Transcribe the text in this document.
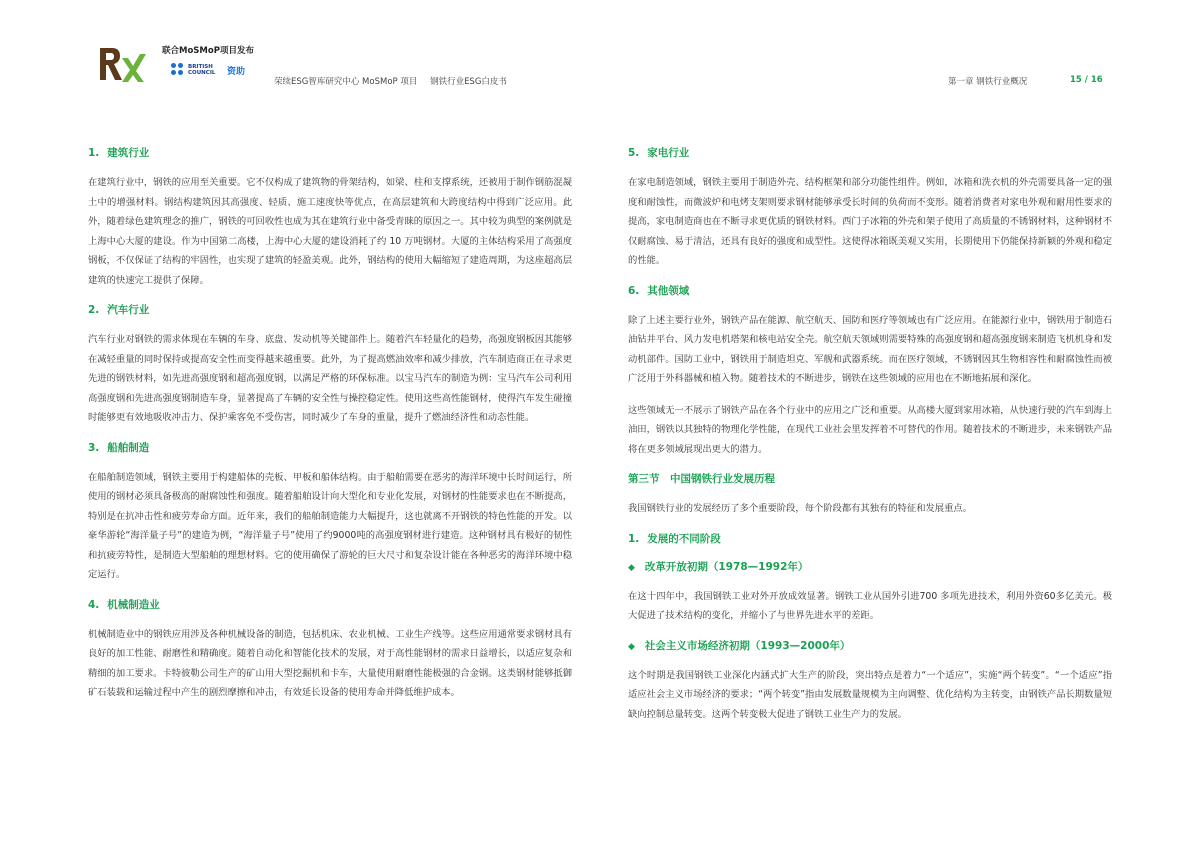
联合MoSMoP项目发布
BRITISH COUNCIL	资助
荣续ESG智库研究中心 MoSMoP 项目 钢铁行业ESG白皮书	第一章 钢铁行业概况	15 / 16
1. 建筑行业

在建筑行业中，钢铁的应用至关重要。它不仅构成了建筑物的骨架结构，如梁、柱和支撑系统，还被用于制作钢筋混凝土中的增强材料。钢结构建筑因其高强度、轻质、施工速度快等优点，在高层建筑和大跨度结构中得到广泛应用。此外，随着绿色建筑理念的推广，钢铁的可回收性也成为其在建筑行业中备受青睐的原因之一。其中较为典型的案例就是上海中心大厦的建设。作为中国第二高楼，上海中心大厦的建设消耗了约 10 万吨钢材。大厦的主体结构采用了高强度钢板，不仅保证了结构的牢固性，也实现了建筑的轻盈美观。此外，钢结构的使用大幅缩短了建造周期，为这座超高层建筑的快速完工提供了保障。

2. 汽车行业

汽车行业对钢铁的需求体现在车辆的车身、底盘、发动机等关键部件上。随着汽车轻量化的趋势，高强度钢板因其能够在减轻重量的同时保持或提高安全性而变得越来越重要。此外，为了提高燃油效率和减少排放，汽车制造商正在寻求更先进的钢铁材料，如先进高强度钢和超高强度钢，以满足严格的环保标准。以宝马汽车的制造为例：宝马汽车公司利用高强度钢和先进高强度钢制造车身，显著提高了车辆的安全性与操控稳定性。使用这些高性能钢材，使得汽车发生碰撞时能够更有效地吸收冲击力、保护乘客免不受伤害，同时减少了车身的重量，提升了燃油经济性和动态性能。

3. 船舶制造

在船舶制造领域，钢铁主要用于构建船体的壳板、甲板和船体结构。由于船舶需要在恶劣的海洋环境中长时间运行，所使用的钢材必须具备极高的耐腐蚀性和强度。随着船舶设计向大型化和专业化发展，对钢材的性能要求也在不断提高，特别是在抗冲击性和疲劳寿命方面。近年来，我们的船舶制造能力大幅提升，这也就离不开钢铁的特色性能的开发。以豪华游轮“海洋量子号”的建造为例，“海洋量子号”使用了约9000吨的高强度钢材进行建造。这种钢材具有极好的韧性和抗疲劳特性，是制造大型船舶的理想材料。它的使用确保了游轮的巨大尺寸和复杂设计能在各种恶劣的海洋环境中稳定运行。

4. 机械制造业

机械制造业中的钢铁应用涉及各种机械设备的制造，包括机床、农业机械、工业生产线等。这些应用通常要求钢材具有良好的加工性能、耐磨性和精确度。随着自动化和智能化技术的发展，对于高性能钢材的需求日益增长，以适应复杂和精细的加工要求。卡特彼勒公司生产的矿山用大型挖掘机和卡车，大量使用耐磨性能极强的合金钢。这类钢材能够抵御矿石装载和运输过程中产生的剧烈摩擦和冲击，有效延长设备的使用寿命并降低维护成本。

5. 家电行业

在家电制造领域，钢铁主要用于制造外壳、结构框架和部分功能性组件。例如，冰箱和洗衣机的外壳需要具备一定的强度和耐蚀性，而微波炉和电烤支架则要求钢材能够承受长时间的负荷而不变形。随着消费者对家电外观和耐用性要求的提高，家电制造商也在不断寻求更优质的钢铁材料。西门子冰箱的外壳和架子使用了高质量的不锈钢材料，这种钢材不仅耐腐蚀、易于清洁，还具有良好的强度和成型性。这使得冰箱既美观又实用，长期使用下仍能保持新颖的外观和稳定的性能。

6. 其他领域

除了上述主要行业外，钢铁产品在能源、航空航天、国防和医疗等领域也有广泛应用。在能源行业中，钢铁用于制造石油钻井平台、风力发电机塔架和核电站安全壳。航空航天领域则需要特殊的高强度钢和超高强度钢来制造飞机机身和发动机部件。国防工业中，钢铁用于制造坦克、军舰和武器系统。而在医疗领域，不锈钢因其生物相容性和耐腐蚀性而被广泛用于外科器械和植入物。随着技术的不断进步，钢铁在这些领域的应用也在不断地拓展和深化。

这些领域无一不展示了钢铁产品在各个行业中的应用之广泛和重要。从高楼大厦到家用冰箱，从快速行驶的汽车到海上油田，钢铁以其独特的物理化学性能，在现代工业社会里发挥着不可替代的作用。随着技术的不断进步，未来钢铁产品将在更多领域展现出更大的潜力。

第三节　中国钢铁行业发展历程

我国钢铁行业的发展经历了多个重要阶段，每个阶段都有其独有的特征和发展重点。

1. 发展的不同阶段
◆ 改革开放初期（1978—1992年）

在这十四年中，我国钢铁工业对外开放成效显著。钢铁工业从国外引进700 多项先进技术，利用外资60多亿美元。极大促进了技术结构的变化，并缩小了与世界先进水平的差距。

◆ 社会主义市场经济初期（1993—2000年）

这个时期是我国钢铁工业深化内涵式扩大生产的阶段，突出特点是着力“一个适应”，实施“两个转变”。“一个适应”指适应社会主义市场经济的要求；“两个转变”指由发展数量规模为主向调整、优化结构为主转变，由钢铁产品长期数量短缺向控制总量转变。这两个转变极大促进了钢铁工业生产力的发展。
